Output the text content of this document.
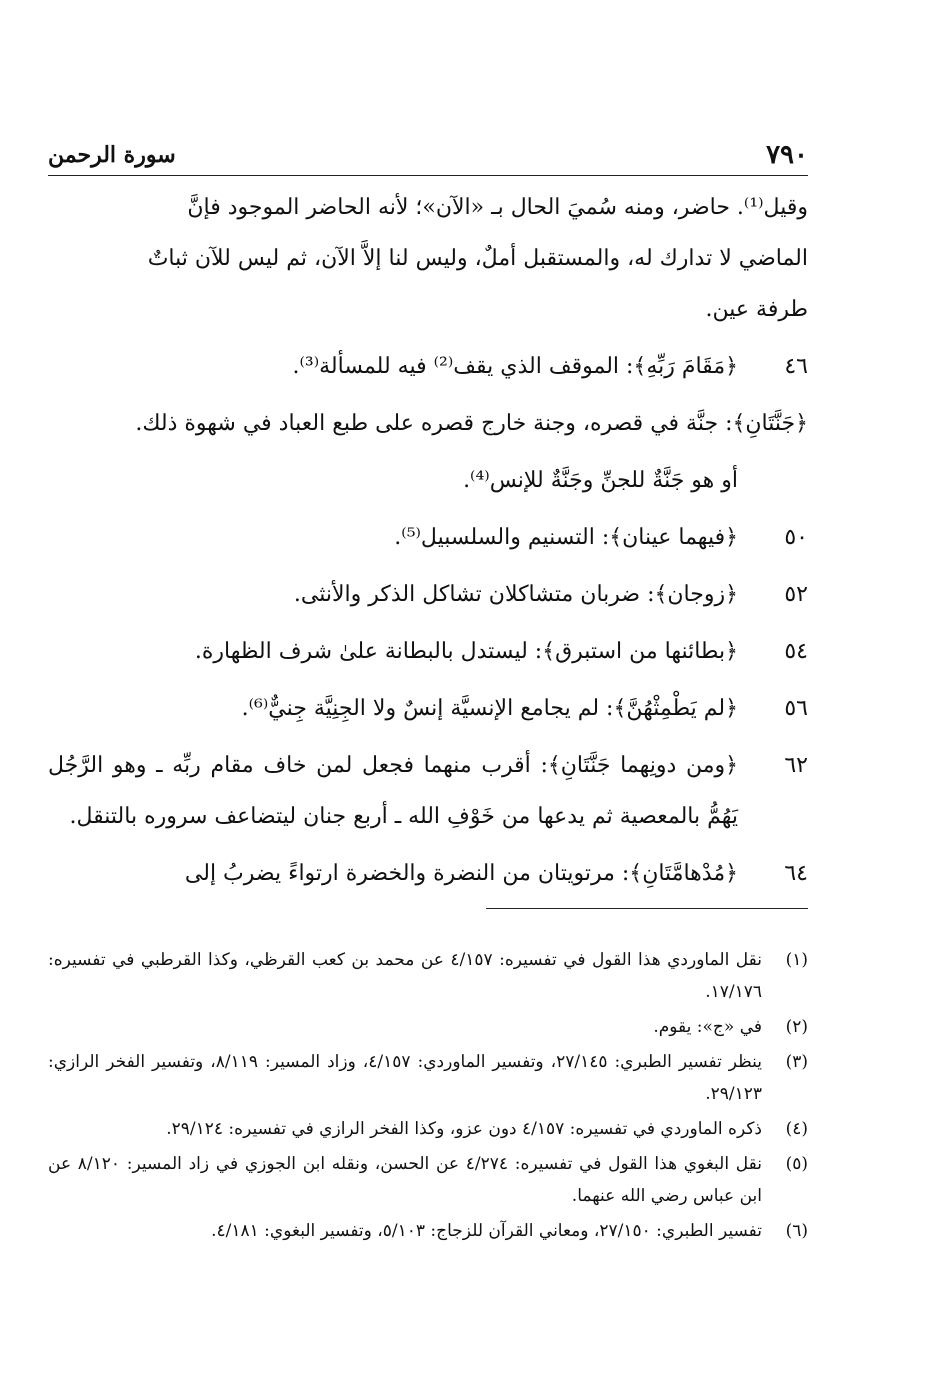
٧٩٠
سورة الرحمن

وقيل⁽¹⁾. حاضر، ومنه سُميَ الحال بـ «الآن»؛ لأنه الحاضر الموجود فإنَّ

الماضي لا تدارك له، والمستقبل أملٌ، وليس لنا إلاَّ الآن، ثم ليس للآن ثباتٌ

طرفة عين.

٤٦
﴿مَقَامَ رَبِّهِ﴾: الموقف الذي يقف⁽²⁾ فيه للمسألة⁽³⁾.
﴿جَنَّتَانِ﴾: جنَّة في قصره، وجنة خارج قصره على طبع العباد في شهوة ذلك.
أو هو جَنَّةٌ للجنِّ وجَنَّةٌ للإنس⁽⁴⁾.
٥٠
﴿فيهما عينان﴾: التسنيم والسلسبيل⁽⁵⁾.
٥٢
﴿زوجان﴾: ضربان متشاكلان تشاكل الذكر والأنثى.
٥٤
﴿بطائنها من استبرق﴾: ليستدل بالبطانة علىٰ شرف الظهارة.
٥٦
﴿لم يَطْمِثْهُنَّ﴾: لم يجامع الإنسيَّة إنسٌ ولا الجِنِيَّة جِنيٌّ⁽⁶⁾.
٦٢
﴿ومن دونِهما جَنَّتَانِ﴾: أقرب منهما فجعل لمن خاف مقام ربِّه ـ وهو الرَّجُل يَهُمُّ بالمعصية ثم يدعها من خَوْفِ الله ـ أربع جنان ليتضاعف سروره بالتنقل.
٦٤
﴿مُدْهامَّتَانِ﴾: مرتويتان من النضرة والخضرة ارتواءً يضربُ إلى
(١)
نقل الماوردي هذا القول في تفسيره: ٤/١٥٧ عن محمد بن كعب القرظي، وكذا القرطبي في تفسيره: ١٧/١٧٦.
(٢)
في «ج»: يقوم.
(٣)
ينظر تفسير الطبري: ٢٧/١٤٥، وتفسير الماوردي: ٤/١٥٧، وزاد المسير: ٨/١١٩، وتفسير الفخر الرازي: ٢٩/١٢٣.
(٤)
ذكره الماوردي في تفسيره: ٤/١٥٧ دون عزو، وكذا الفخر الرازي في تفسيره: ٢٩/١٢٤.
(٥)
نقل البغوي هذا القول في تفسيره: ٤/٢٧٤ عن الحسن، ونقله ابن الجوزي في زاد المسير: ٨/١٢٠ عن ابن عباس رضي الله عنهما.
(٦)
تفسير الطبري: ٢٧/١٥٠، ومعاني القرآن للزجاج: ٥/١٠٣، وتفسير البغوي: ٤/١٨١.
